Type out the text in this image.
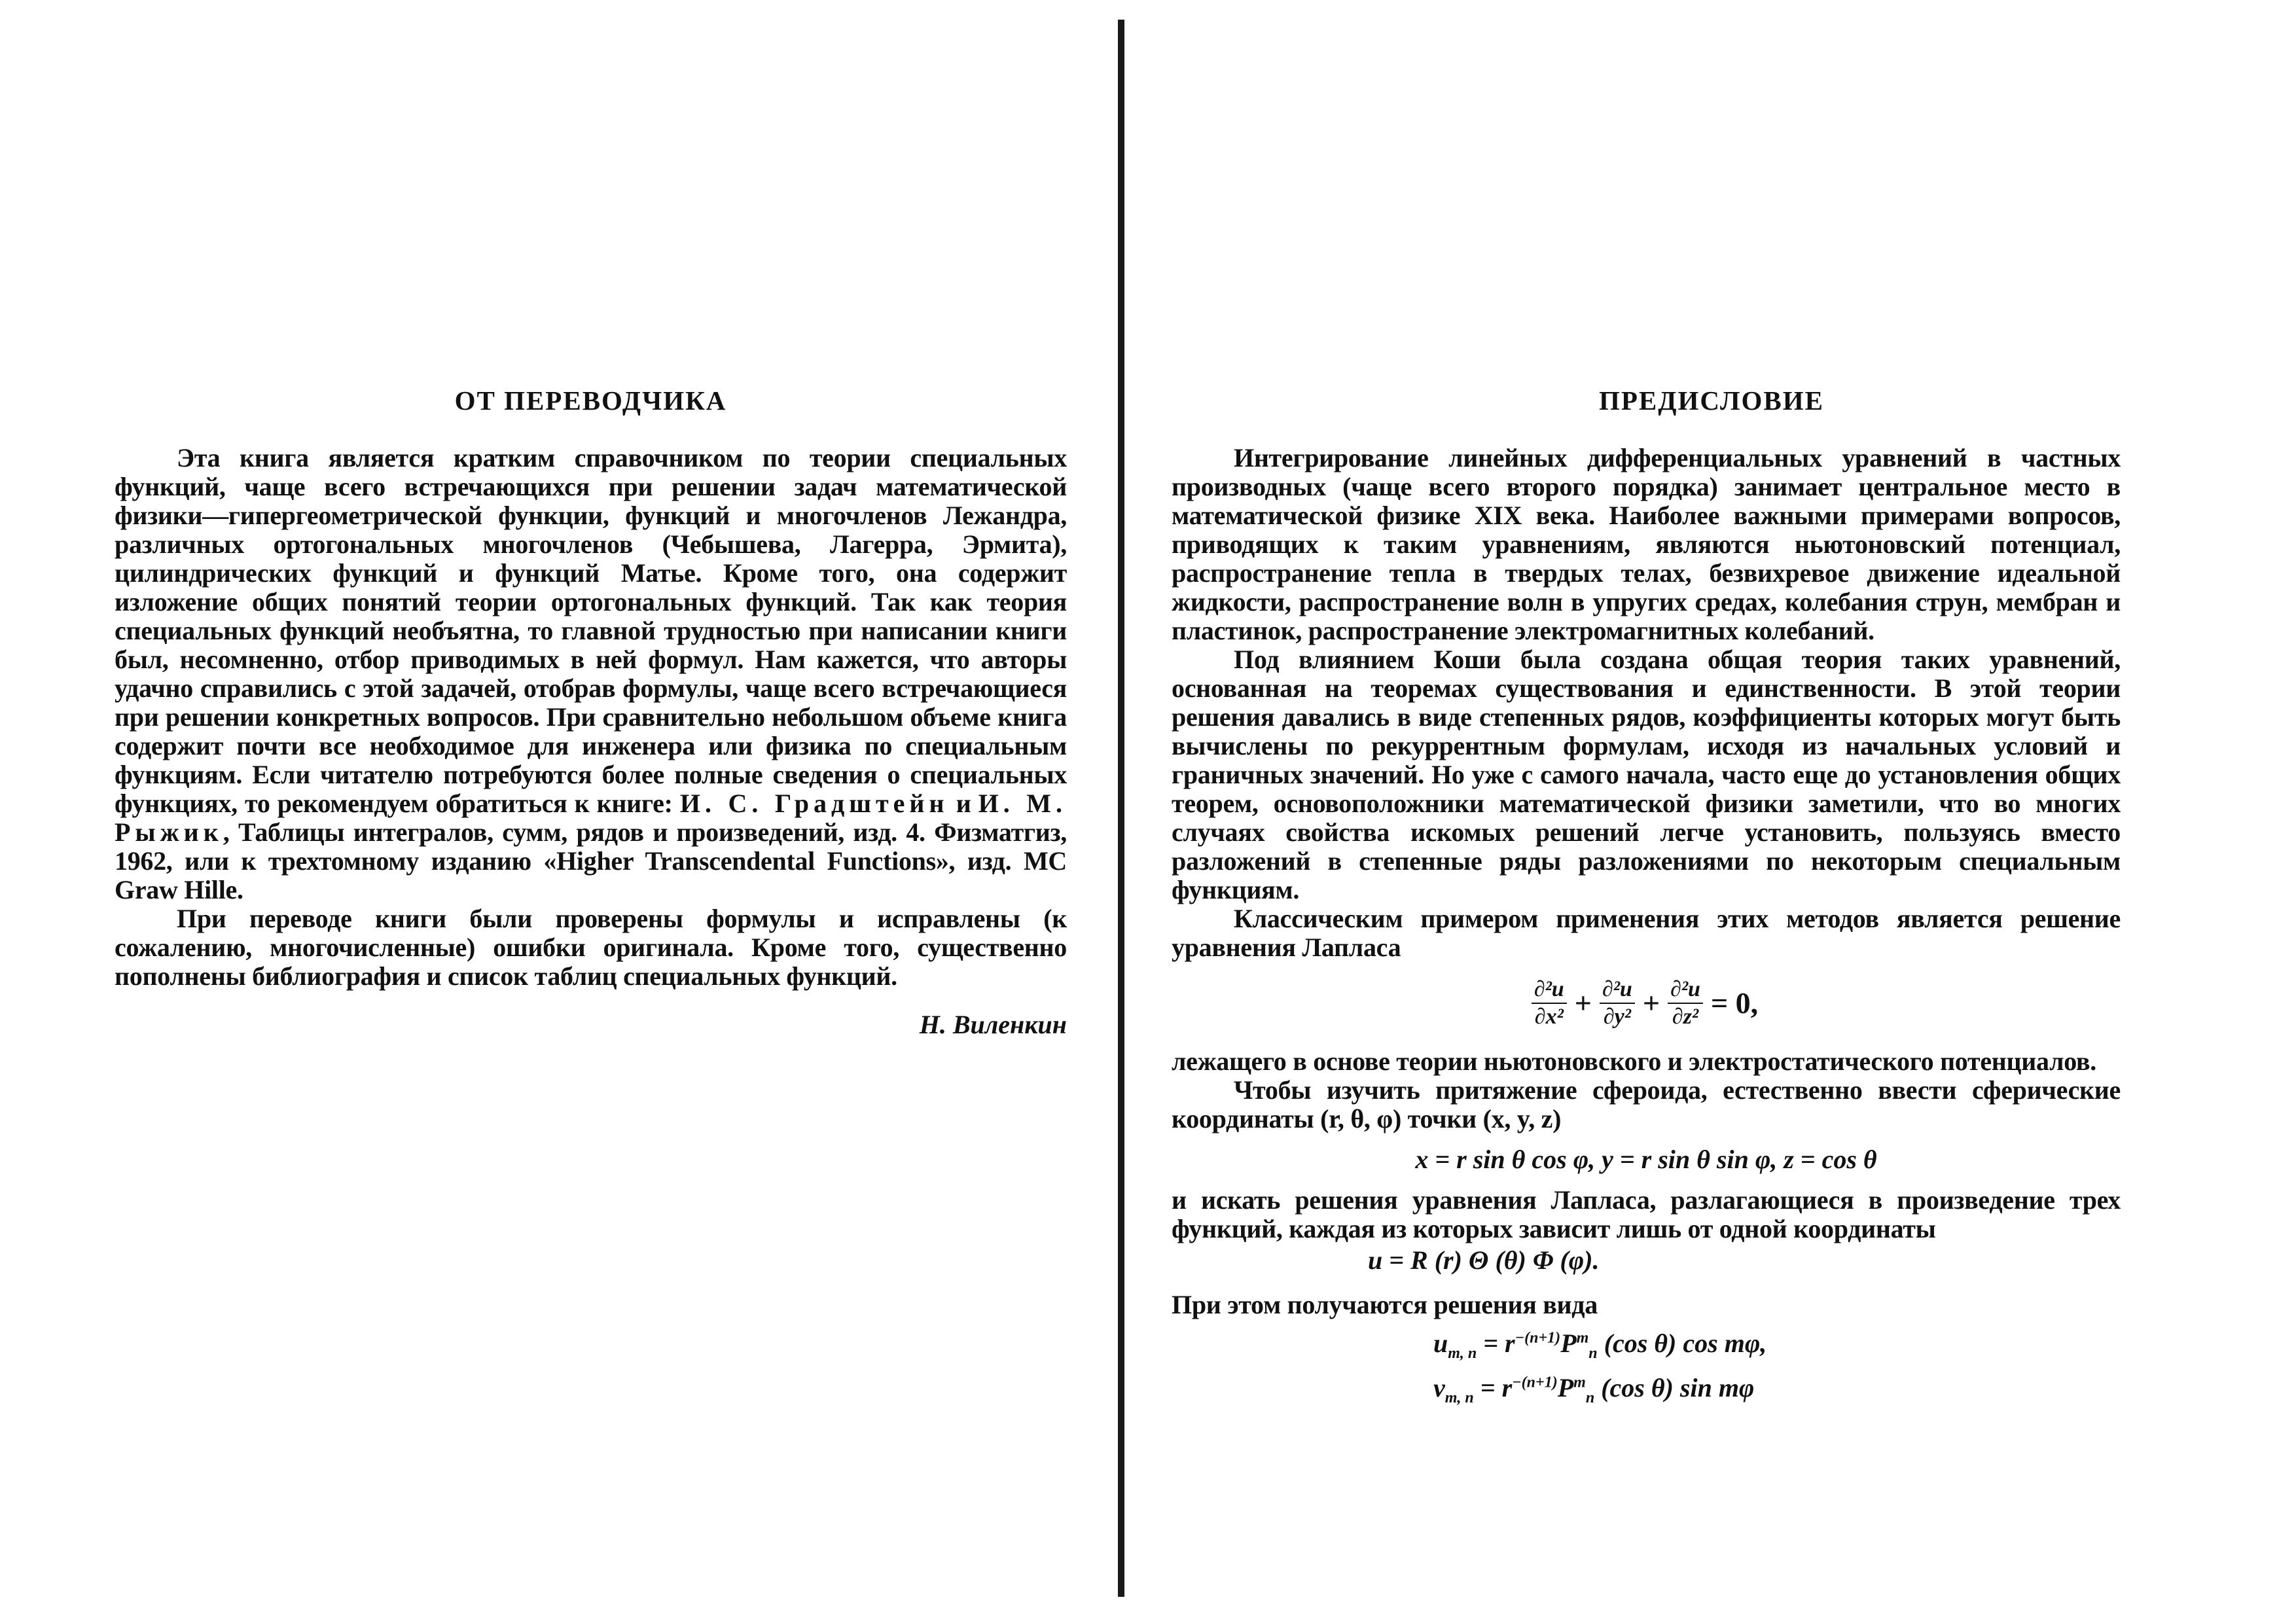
ОТ ПЕРЕВОДЧИКА

Эта книга является кратким справочником по теории специальных функций, чаще всего встречающихся при решении задач математической физики—гипергеометрической функции, функций и многочленов Лежандра, различных ортогональных многочленов (Чебышева, Лагерра, Эрмита), цилиндрических функций и функций Матье. Кроме того, она содержит изложение общих понятий теории ортогональных функций. Так как теория специальных функций необъятна, то главной трудностью при написании книги был, несомненно, отбор приводимых в ней формул. Нам кажется, что авторы удачно справились с этой задачей, отобрав формулы, чаще всего встречающиеся при решении конкретных вопросов. При сравнительно небольшом объеме книга содержит почти все необходимое для инженера или физика по специальным функциям. Если читателю потребуются более полные сведения о специальных функциях, то рекомендуем обратиться к книге: И. С. Градштейн и И. М. Рыжик, Таблицы интегралов, сумм, рядов и произведений, изд. 4. Физматгиз, 1962, или к трехтомному изданию «Higher Transcendental Functions», изд. MC Graw Hille.

При переводе книги были проверены формулы и исправлены (к сожалению, многочисленные) ошибки оригинала. Кроме того, существенно пополнены библиография и список таблиц специальных функций.

Н. Виленкин
ПРЕДИСЛОВИЕ

Интегрирование линейных дифференциальных уравнений в частных производных (чаще всего второго порядка) занимает центральное место в математической физике XIX века. Наиболее важными примерами вопросов, приводящих к таким уравнениям, являются ньютоновский потенциал, распространение тепла в твердых телах, безвихревое движение идеальной жидкости, распространение волн в упругих средах, колебания струн, мембран и пластинок, распространение электромагнитных колебаний.

Под влиянием Коши была создана общая теория таких уравнений, основанная на теоремах существования и единственности. В этой теории решения давались в виде степенных рядов, коэффициенты которых могут быть вычислены по рекуррентным формулам, исходя из начальных условий и граничных значений. Но уже с самого начала, часто еще до установления общих теорем, основоположники математической физики заметили, что во многих случаях свойства искомых решений легче установить, пользуясь вместо разложений в степенные ряды разложениями по некоторым специальным функциям.

Классическим примером применения этих методов является решение уравнения Лапласа

$\frac{\text{∂²u}}{\text{∂x²}} + \frac{\text{∂²u}}{\text{∂y²}} + \frac{\text{∂²u}}{\text{∂z²}} = 0$,

лежащего в основе теории ньютоновского и электростатического потенциалов.

Чтобы изучить притяжение сфероида, естественно ввести сферические координаты (r, θ, φ) точки (x, y, z)

x = r sin θ cos φ, y = r sin θ sin φ, z = cos θ

и искать решения уравнения Лапласа, разлагающиеся в произведение трех функций, каждая из которых зависит лишь от одной координаты

u = R (r) Θ (θ) Φ (φ).

При этом получаются решения вида

$u_{m, n} = r^{-(n+1)}P^m_n$ (cos θ) cos mφ,
$v_{m, n} = r^{-(n+1)}P^m_n$ (cos θ) sin mφ
